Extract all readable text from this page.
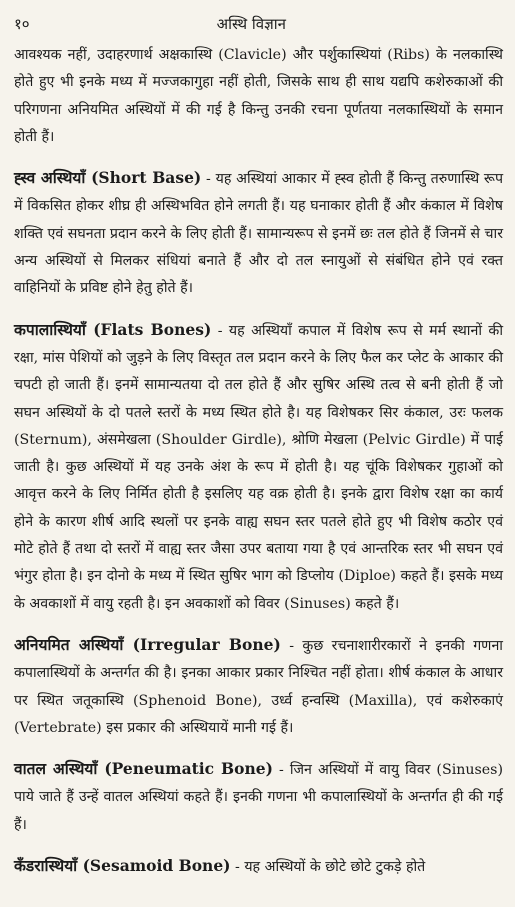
१०	अस्थि विज्ञान

आवश्यक नहीं, उदाहरणार्थ अक्षकास्थि (Clavicle) और पर्शुकास्थियां (Ribs) के नलकास्थि होते हुए भी इनके मध्य में मज्जकागुहा नहीं होती, जिसके साथ ही साथ यद्यपि कशेरुकाओं की परिगणना अनियमित अस्थियों में की गई है किन्तु उनकी रचना पूर्णतया नलकास्थियों के समान होती हैं।

ह्स्व अस्थियाँ (Short Base) - यह अस्थियां आकार में ह्स्व होती हैं किन्तु तरुणास्थि रूप में विकसित होकर शीघ्र ही अस्थिभवित होने लगती हैं। यह घनाकार होती हैं और कंकाल में विशेष शक्ति एवं सघनता प्रदान करने के लिए होती हैं। सामान्यरूप से इनमें छः तल होते हैं जिनमें से चार अन्य अस्थियों से मिलकर संधियां बनाते हैं और दो तल स्नायुओं से संबंधित होने एवं रक्त वाहिनियों के प्रविष्ट होने हेतु होते हैं।

कपालास्थियाँ (Flats Bones) - यह अस्थियाँ कपाल में विशेष रूप से मर्म स्थानों की रक्षा, मांस पेशियों को जुड़ने के लिए विस्तृत तल प्रदान करने के लिए फैल कर प्लेट के आकार की चपटी हो जाती हैं। इनमें सामान्यतया दो तल होते हैं और सुषिर अस्थि तत्व से बनी होती हैं जो सघन अस्थियों के दो पतले स्तरों के मध्य स्थित होते है। यह विशेषकर सिर कंकाल, उरः फलक (Sternum), अंसमेखला (Shoulder Girdle), श्रोणि मेखला (Pelvic Girdle) में पाई जाती है। कुछ अस्थियों में यह उनके अंश के रूप में होती है। यह चूंकि विशेषकर गुहाओं को आवृत्त करने के लिए निर्मित होती है इसलिए यह वक्र होती है। इनके द्वारा विशेष रक्षा का कार्य होने के कारण शीर्ष आदि स्थलों पर इनके वाह्य सघन स्तर पतले होते हुए भी विशेष कठोर एवं मोटे होते हैं तथा दो स्तरों में वाह्य स्तर जैसा उपर बताया गया है एवं आन्तरिक स्तर भी सघन एवं भंगुर होता है। इन दोनो के मध्य में स्थित सुषिर भाग को डिप्लोय (Diploe) कहते हैं। इसके मध्य के अवकाशों में वायु रहती है। इन अवकाशों को विवर (Sinuses) कहते हैं।

अनियमित अस्थियाँ (Irregular Bone) - कुछ रचनाशारीरकारों ने इनकी गणना कपालास्थियों के अन्तर्गत की है। इनका आकार प्रकार निश्चित नहीं होता। शीर्ष कंकाल के आधार पर स्थित जतूकास्थि (Sphenoid Bone), उर्ध्व हन्वस्थि (Maxilla), एवं कशेरुकाएं (Vertebrate) इस प्रकार की अस्थियायें मानी गई हैं।

वातल अस्थियाँ (Peneumatic Bone) - जिन अस्थियों में वायु विवर (Sinuses) पाये जाते हैं उन्हें वातल अस्थियां कहते हैं। इनकी गणना भी कपालास्थियों के अन्तर्गत ही की गई हैं।

कँडरास्थियाँ (Sesamoid Bone) - यह अस्थियों के छोटे छोटे टुकड़े होते
